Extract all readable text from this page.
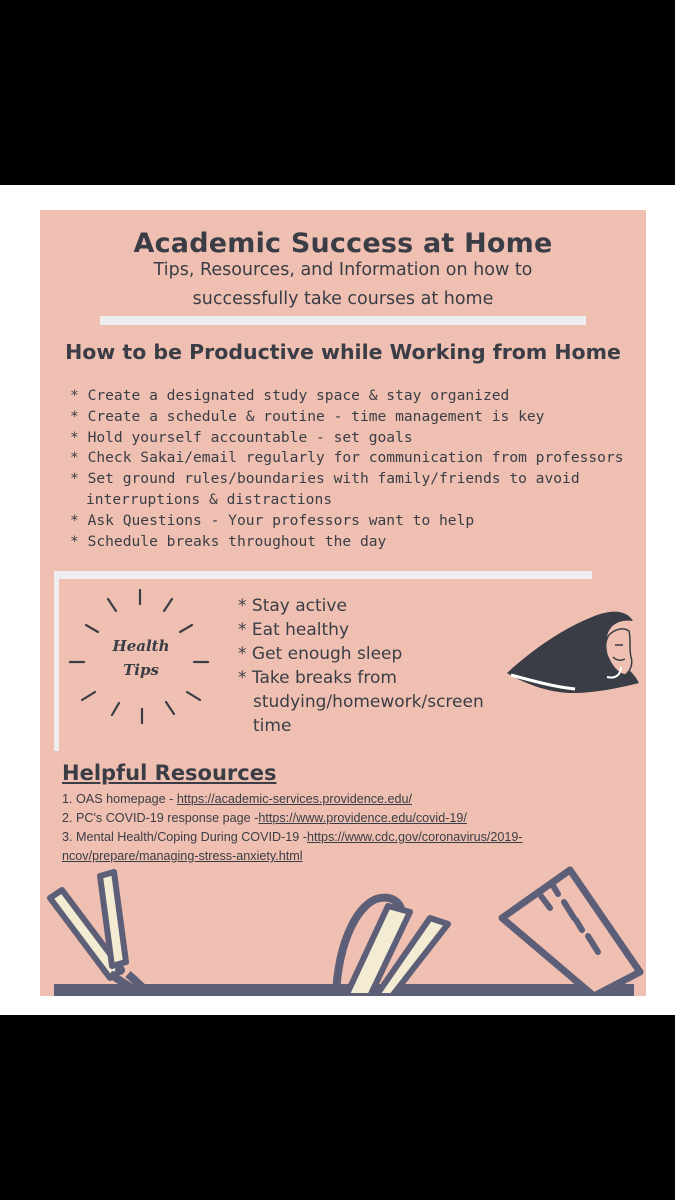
Academic Success at Home
Tips, Resources, and Information on how to
successfully take courses at home
How to be Productive while Working from Home
* Create a designated study space & stay organized
* Create a schedule & routine - time management is key
* Hold yourself accountable - set goals
* Check Sakai/email regularly for communication from professors
* Set ground rules/boundaries with family/friends to avoid interruptions & distractions
* Ask Questions - Your professors want to help
* Schedule breaks throughout the day
Health
Tips
* Stay active
* Eat healthy
* Get enough sleep
* Take breaks from studying/homework/screen time
Helpful Resources
1. OAS homepage - https://academic-services.providence.edu/
2. PC's COVID-19 response page -https://www.providence.edu/covid-19/
3. Mental Health/Coping During COVID-19 -https://www.cdc.gov/coronavirus/2019-ncov/prepare/managing-stress-anxiety.html
